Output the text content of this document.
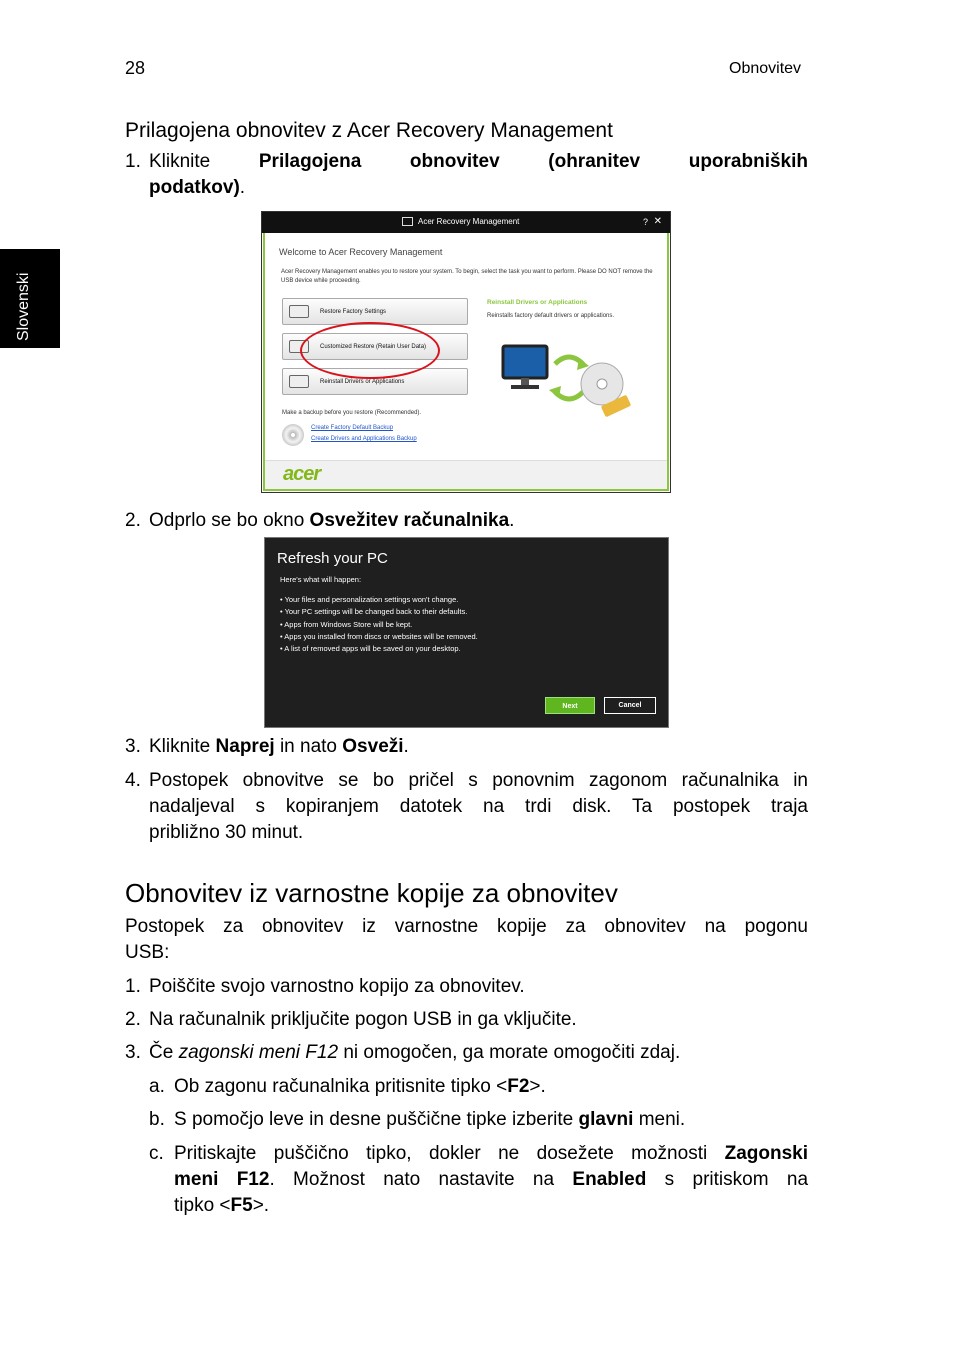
28	Obnovitev
Slovenski
Prilagojena obnovitev z Acer Recovery Management
1. Kliknite	Prilagojena obnovitev (ohranitev uporabniških
podatkov).
Acer Recovery Management	? ✕
Welcome to Acer Recovery Management
Acer Recovery Management enables you to restore your system. To begin, select the task you want to perform. Please DO NOT remove the USB device while proceeding.
Restore Factory Settings
Customized Restore (Retain User Data)
Reinstall Drivers or Applications
Reinstall Drivers or Applications
Reinstalls factory default drivers or applications.
Make a backup before you restore (Recommended).
Create Factory Default Backup
Create Drivers and Applications Backup
acer
2. Odprlo se bo okno Osvežitev računalnika.
Refresh your PC
Here's what will happen:
• Your files and personalization settings won't change.
• Your PC settings will be changed back to their defaults.
• Apps from Windows Store will be kept.
• Apps you installed from discs or websites will be removed.
• A list of removed apps will be saved on your desktop.
Next	Cancel
3. Kliknite Naprej in nato Osveži.
4. Postopek obnovitve se bo pričel s ponovnim zagonom računalnika in
nadaljeval s kopiranjem datotek na trdi disk. Ta postopek traja
približno 30 minut.
Obnovitev iz varnostne kopije za obnovitev
Postopek za obnovitev iz varnostne kopije za obnovitev na pogonu
USB:
1. Poiščite svojo varnostno kopijo za obnovitev.
2. Na računalnik priključite pogon USB in ga vključite.
3. Če zagonski meni F12 ni omogočen, ga morate omogočiti zdaj.
a. Ob zagonu računalnika pritisnite tipko <F2>.
b. S pomočjo leve in desne puščične tipke izberite glavni meni.
c. Pritiskajte puščično tipko, dokler ne dosežete možnosti Zagonski
meni F12. Možnost nato nastavite na Enabled s pritiskom na
tipko <F5>.
